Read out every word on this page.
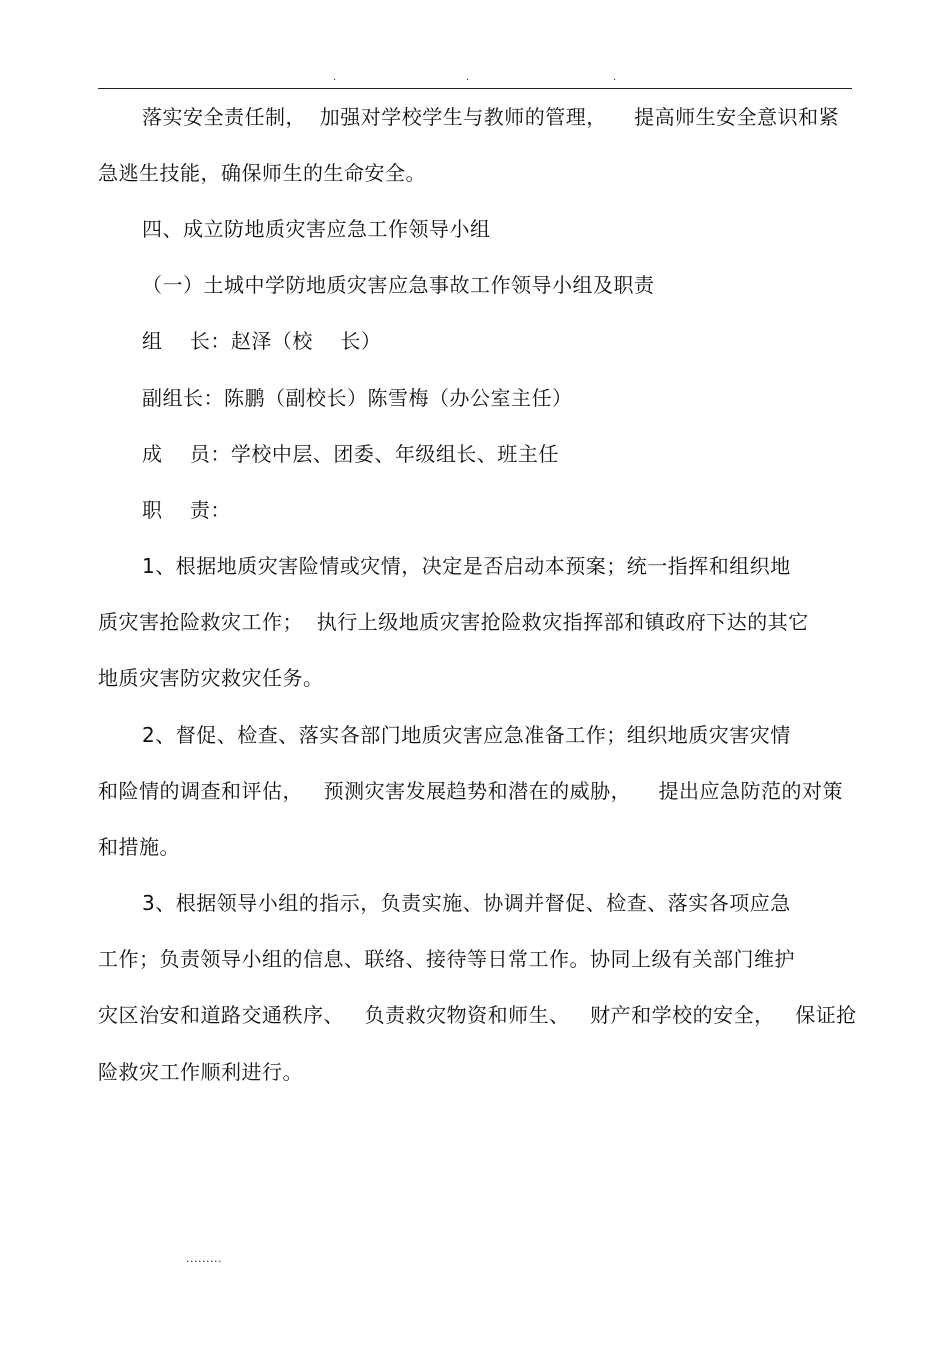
.	.	.
落实安全责任制，  加强对学校学生与教师的管理，    提高师生安全意识和紧
急逃生技能，确保师生的生命安全。
四、成立防地质灾害应急工作领导小组
（一）土城中学防地质灾害应急事故工作领导小组及职责
组    长：赵泽（校    长）
副组长：陈鹏（副校长）陈雪梅（办公室主任）
成    员：学校中层、团委、年级组长、班主任
职    责：
1、根据地质灾害险情或灾情，决定是否启动本预案；统一指挥和组织地
质灾害抢险救灾工作；  执行上级地质灾害抢险救灾指挥部和镇政府下达的其它
地质灾害防灾救灾任务。
2、督促、检查、落实各部门地质灾害应急准备工作；组织地质灾害灾情
和险情的调查和评估，   预测灾害发展趋势和潜在的威胁，    提出应急防范的对策
和措施。
3、根据领导小组的指示，负责实施、协调并督促、检查、落实各项应急
工作；负责领导小组的信息、联络、接待等日常工作。协同上级有关部门维护
灾区治安和道路交通秩序、   负责救灾物资和师生、   财产和学校的安全，   保证抢
险救灾工作顺利进行。
.........
